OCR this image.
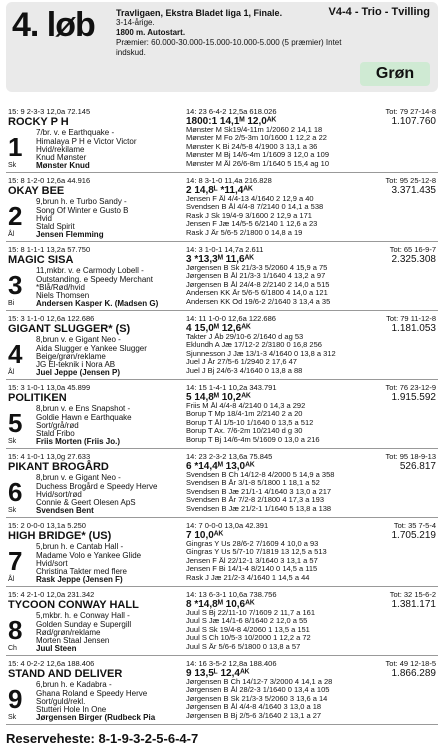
4. løb Travligaen, Ekstra Bladet liga 1, Finale.
3-14-årige.
1800 m. Autostart.
Præmier: 60.000-30.000-15.000-10.000-5.000 (5 præmier) Intet indskud.
V4-4 - Trio - Tvilling
Grøn
15: 9 2-3-3 12,0a 72.145
ROCKY P H
7/br. v. e Earthquake -
Himalaya P H e Victor Victor
Hvid/rekilame
Knud Mønster
Mønster Knud
1
Sk
14: 23 6-4-2 12,5a 618.026
1800:1 14,1ᴹ 12,0ᴬᴷ
Tot: 79 27-14-8
1.107.760
Mønster M Sk19/4-11m 1/2060 2 14,1 18
Mønster M Fo 2/5-3m 10/1600 1 12,2 a 22
Mønster K Bi 24/5-8 4/1900 3 13,1 a 36
Mønster M Bj 14/6-4m 1/1609 3 12,0 a 109
Mønster M Ål 26/6-8m 1/1640 5 15,4 ag 10
15: 8 1-2-0 12,6a 44.916
OKAY BEE
9,brun h. e Turbo Sandy -
Song Of Winter e Gusto B
Hvid
Stald Spirit
Jensen Flemming
2
Ål
14: 8 3-1-0 11,4a 216.828
2 14,8ᴸ *11,4ᴬᴷ
Tot: 95 25-12-8
3.371.435
Jensen F Ål 4/4-13 4/1640 2 12,9 a 40
Svendsen B Ål 4/4-8 7/2140 0 14,1 a 538
Rask J Sk 19/4-9 3/1600 2 12,9 a 171
Jensen F Jæ 14/5-5 6/2140 1 12,6 a 23
Rask J År 5/6-5 2/1800 0 14,8 a 19
15: 8 1-1-1 13,2a 57.750
MAGIC SISA
11,mkbr. v. e Carmody Lobell -
Outstanding. e Speedy Merchant
*Blå/Rød/hvid
Niels Thomsen
Andersen Kasper K. (Madsen G)
3
Bi
14: 3 1-0-1 14,7a 2.611
3 *13,3ᴹ 11,6ᴬᴷ
Tot: 65 16-9-7
2.325.308
Jørgensen B Sk 21/3-3 5/2060 4 15,9 a 75
Jørgensen B Ål 21/3-3 1/1640 4 13,2 a 97
Jørgensen B Ål 24/4-8 2/2140 2 14,0 a 515
Andersen KK År 5/6-5 6/1800 4 14,0 a 121
Andersen KK Od 19/6-2 2/1640 3 13,4 a 35
15: 3 1-1-0 12,6a 122.686
GIGANT SLUGGER* (S)
8,brun v. e Gigant Neo -
Aida Slugger e Yankee Slugger
Beige/grøn/reklame
JG El-teknik i Nora AB
Juel Jeppe (Jensen P)
4
Ål
14: 11 1-0-0 12,6a 122.686
4 15,0ᴹ 12,6ᴬᴷ
Tot: 79 11-12-8
1.181.053
Takter J Åb 29/10-6 2/1640 d ag 53
Eklundh A Jæ 17/12-2 2/3180 0 16,8 256
Sjunnesson J Jæ 13/1-3 4/1640 0 13,8 a 312
Juel J År 27/5-6 1/2940 2 17,6 47
Juel J Bj 24/6-3 4/1640 0 13,8 a 88
15: 3 1-0-1 13,0a 45.899
POLITIKEN
8,brun v. e Ens Snapshot -
Goldie Hawn e Earthquake
Sort/grå/rød
Stald Fribo
Friis Morten (Friis Jo.)
5
Sk
14: 15 1-4-1 10,2a 343.791
5 14,8ᴹ 10,2ᴬᴷ
Tot: 76 23-12-9
1.915.592
Friis M Ål 4/4-8 4/2140 0 14,3 a 292
Borup T Mp 18/4-1m 2/2140 2 a 20
Borup T Ål 1/5-10 1/1640 0 13,5 a 512
Borup T Ax. 7/6-2m 10/2140 d g 30
Borup T Bj 14/6-4m 5/1609 0 13,0 a 216
15: 4 1-0-1 13,0g 27.633
PIKANT BROGÅRD
8,brun v. e Gigant Neo -
Duchess Brogård e Speedy Herve
Hvid/sort/rød
Connie & Geert Olesen ApS
Svendsen Bent
6
Sk
14: 23 2-3-2 13,6a 75.845
6 *14,4ᴹ 13,0ᴬᴷ
Tot: 95 18-9-13
526.817
Svendsen B Ch 14/12-8 4/2000 5 14,9 a 358
Svendsen B År 3/1-8 5/1800 1 18,1 a 52
Svendsen B Jæ 21/1-1 4/1640 3 13,0 a 217
Svendsen B År 7/2-8 2/1800 4 17,3 a 193
Svendsen B Jæ 21/2-1 1/1640 5 13,8 a 138
15: 2 0-0-0 13,1a 5.250
HIGH BRIDGE* (US)
5,brun h. e Cantab Hall -
Madame Volo e Yankee Glide
Hvid/sort
Christina Takter med flere
Rask Jeppe (Jensen F)
7
Ål
14: 7 0-0-0 13,0a 42.391
7 10,0ᴬᴷ
Tot: 35 7-5-4
1.705.219
Gingras Y Us 28/6-2 7/1609 4 10,0 a 93
Gingras Y Us 5/7-10 7/1819 13 12,5 a 513
Jensen F Ål 22/12-1 3/1640 3 13,1 a 57
Jensen F Bi 14/1-4 8/2140 0 14,5 a 115
Rask J Jæ 21/2-3 4/1640 1 14,5 a 44
15: 4 2-1-0 12,0a 231.342
TYCOON CONWAY HALL
5,mkbr. h. e Conway Hall -
Golden Sunday e Supergill
Rød/grøn/reklame
Morten Staal Jensen
Juul Steen
8
Ch
14: 13 6-3-1 10,6a 738.756
8 *14,8ᴹ 10,6ᴬᴷ
Tot: 32 15-6-2
1.381.171
Juul S Bj 22/11-10 7/1609 2 11,7 a 161
Juul S Jæ 14/1-6 8/1640 2 12,0 a 55
Juul S Sk 19/4-8 4/2060 1 13,5 a 151
Juul S Ch 10/5-3 10/2000 1 12,2 a 72
Juul S År 5/6-6 5/1800 0 13,8 a 57
15: 4 0-2-2 12,6a 188.406
STAND AND DELIVER
6,brun h. e Kadabra -
Ghana Roland e Speedy Herve
Sort/guld/rekl.
Stutteri Hole In One
Jørgensen Birger (Rudbeck Pia
9
Sk
14: 16 3-5-2 12,8a 188.406
9 13,5ᴸ 12,4ᴬᴷ
Tot: 49 12-18-5
1.866.289
Jørgensen B Ch 14/12-7 3/2000 4 14,1 a 28
Jørgensen B Ål 28/2-3 1/1640 0 13,4 a 105
Jørgensen B Sk 21/3-3 5/2060 3 13,6 a 14
Jørgensen B Ål 4/4-8 4/1640 3 13,0 a 18
Jørgensen B Bj 2/5-6 3/1640 2 13,1 a 27
Reserveheste: 8-1-9-3-2-5-6-4-7
